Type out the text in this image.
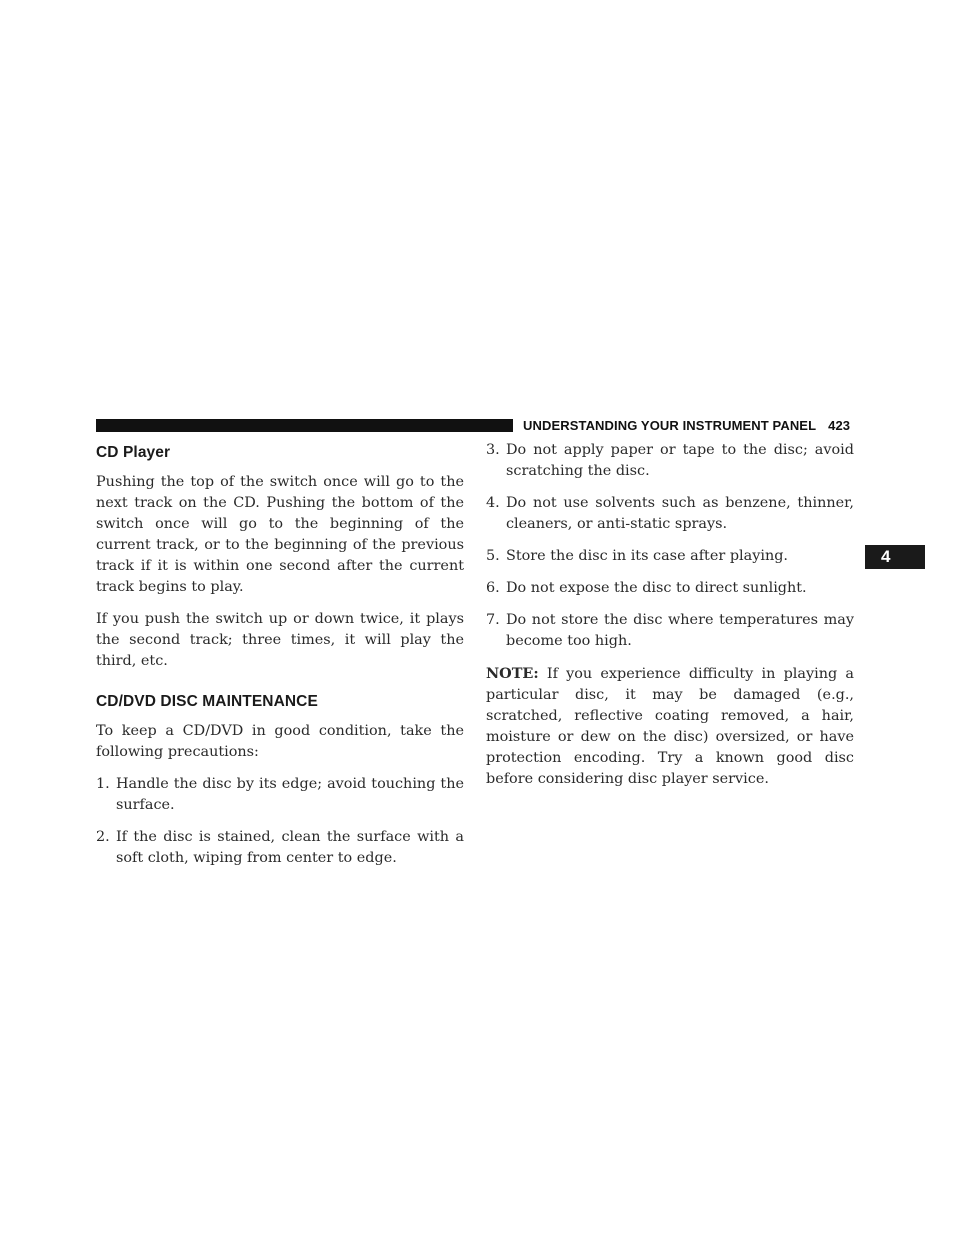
UNDERSTANDING YOUR INSTRUMENT PANEL 423
4
CD Player

Pushing the top of the switch once will go to the next track on the CD. Pushing the bottom of the switch once will go to the beginning of the current track, or to the beginning of the previous track if it is within one second after the current track begins to play.

If you push the switch up or down twice, it plays the second track; three times, it will play the third, etc.

CD/DVD DISC MAINTENANCE

To keep a CD/DVD in good condition, take the following precautions:

1. Handle the disc by its edge; avoid touching the surface.
2. If the disc is stained, clean the surface with a soft cloth, wiping from center to edge.
3. Do not apply paper or tape to the disc; avoid scratching the disc.
4. Do not use solvents such as benzene, thinner, cleaners, or anti-static sprays.
5. Store the disc in its case after playing.
6. Do not expose the disc to direct sunlight.
7. Do not store the disc where temperatures may become too high.

NOTE: If you experience difficulty in playing a particular disc, it may be damaged (e.g., scratched, reflective coating removed, a hair, moisture or dew on the disc) oversized, or have protection encoding. Try a known good disc before considering disc player service.
